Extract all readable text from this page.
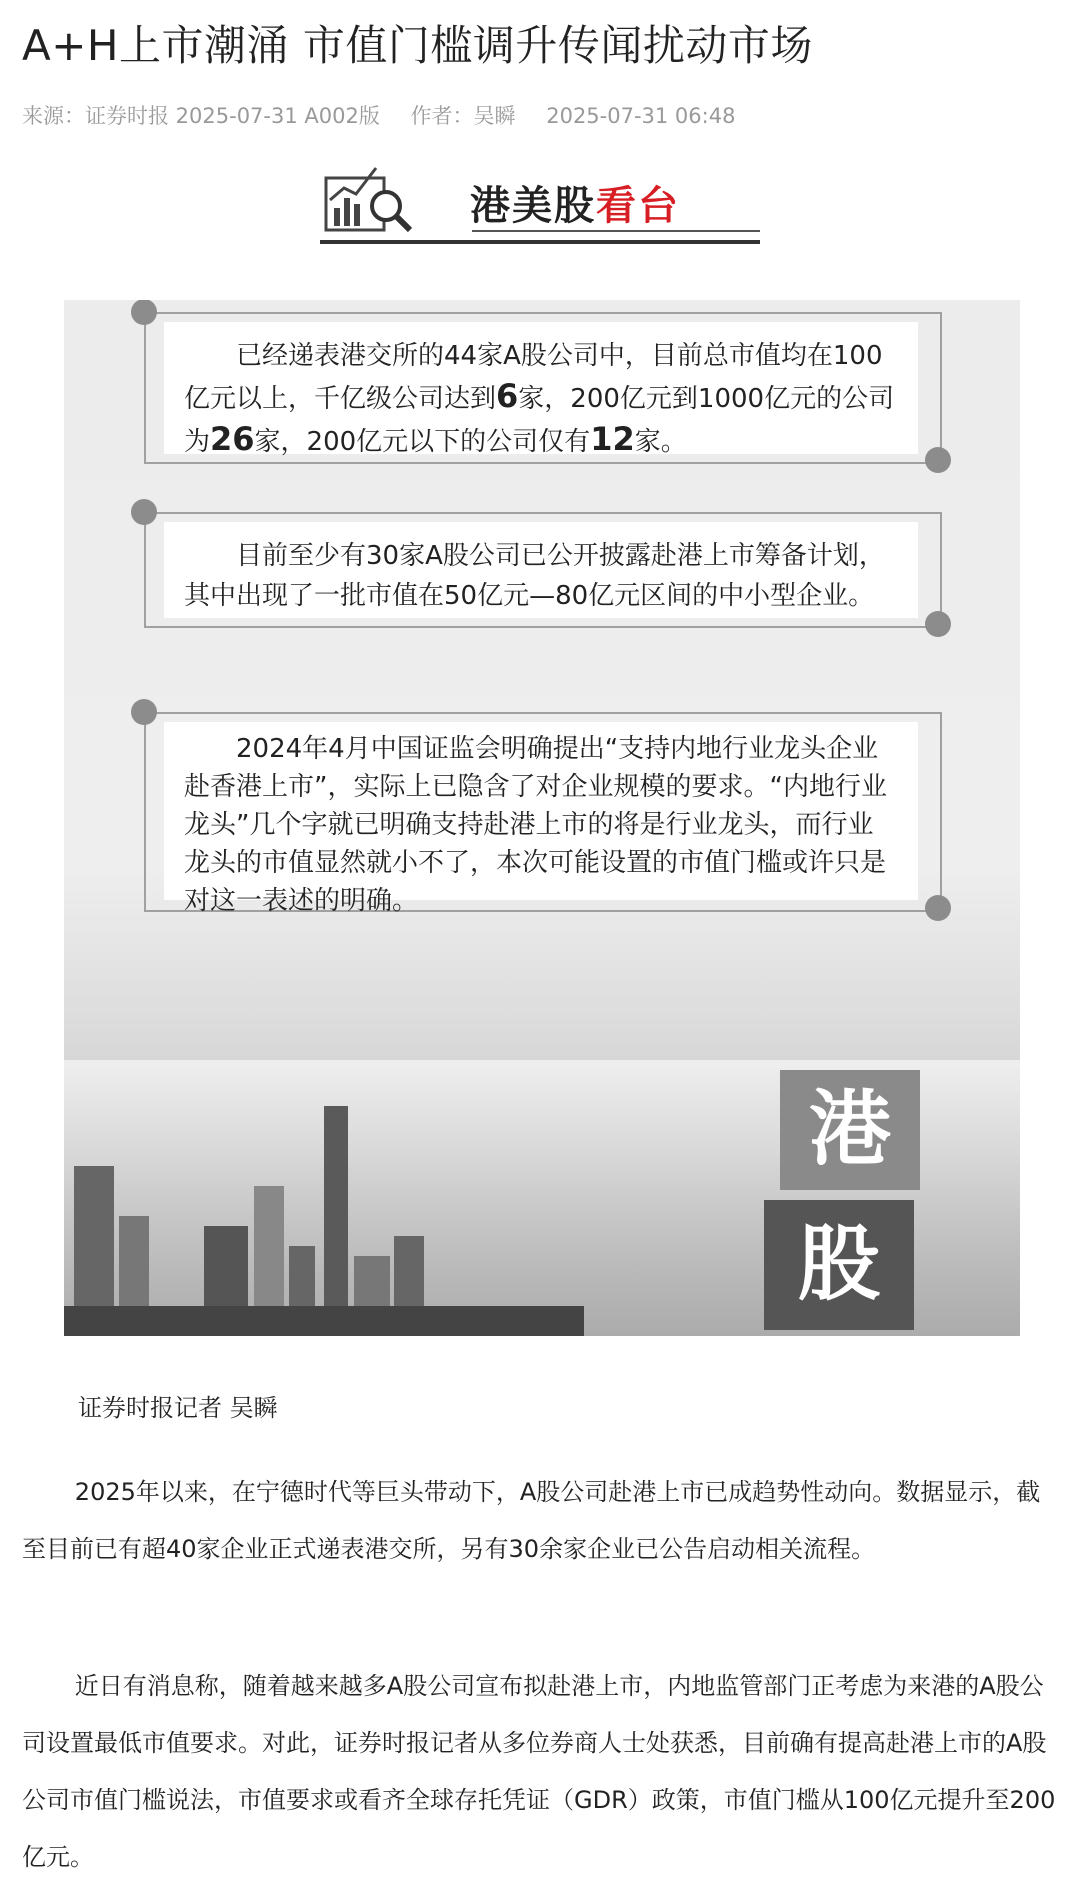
A+H上市潮涌 市值门槛调升传闻扰动市场
来源：证券时报 2025-07-31 A002版 作者：吴瞬 2025-07-31 06:48
港美股看台

已经递表港交所的44家A股公司中，目前总市值均在100亿元以上，千亿级公司达到6家，200亿元到1000亿元的公司为26家，200亿元以下的公司仅有12家。

目前至少有30家A股公司已公开披露赴港上市筹备计划，其中出现了一批市值在50亿元—80亿元区间的中小型企业。

2024年4月中国证监会明确提出“支持内地行业龙头企业赴香港上市”，实际上已隐含了对企业规模的要求。“内地行业龙头”几个字就已明确支持赴港上市的将是行业龙头，而行业龙头的市值显然就小不了，本次可能设置的市值门槛或许只是对这一表述的明确。

港
股
证券时报记者 吴瞬
2025年以来，在宁德时代等巨头带动下，A股公司赴港上市已成趋势性动向。数据显示，截至目前已有超40家企业正式递表港交所，另有30余家企业已公告启动相关流程。
近日有消息称，随着越来越多A股公司宣布拟赴港上市，内地监管部门正考虑为来港的A股公司设置最低市值要求。对此，证券时报记者从多位券商人士处获悉，目前确有提高赴港上市的A股公司市值门槛说法，市值要求或看齐全球存托凭证（GDR）政策，市值门槛从100亿元提升至200亿元。
